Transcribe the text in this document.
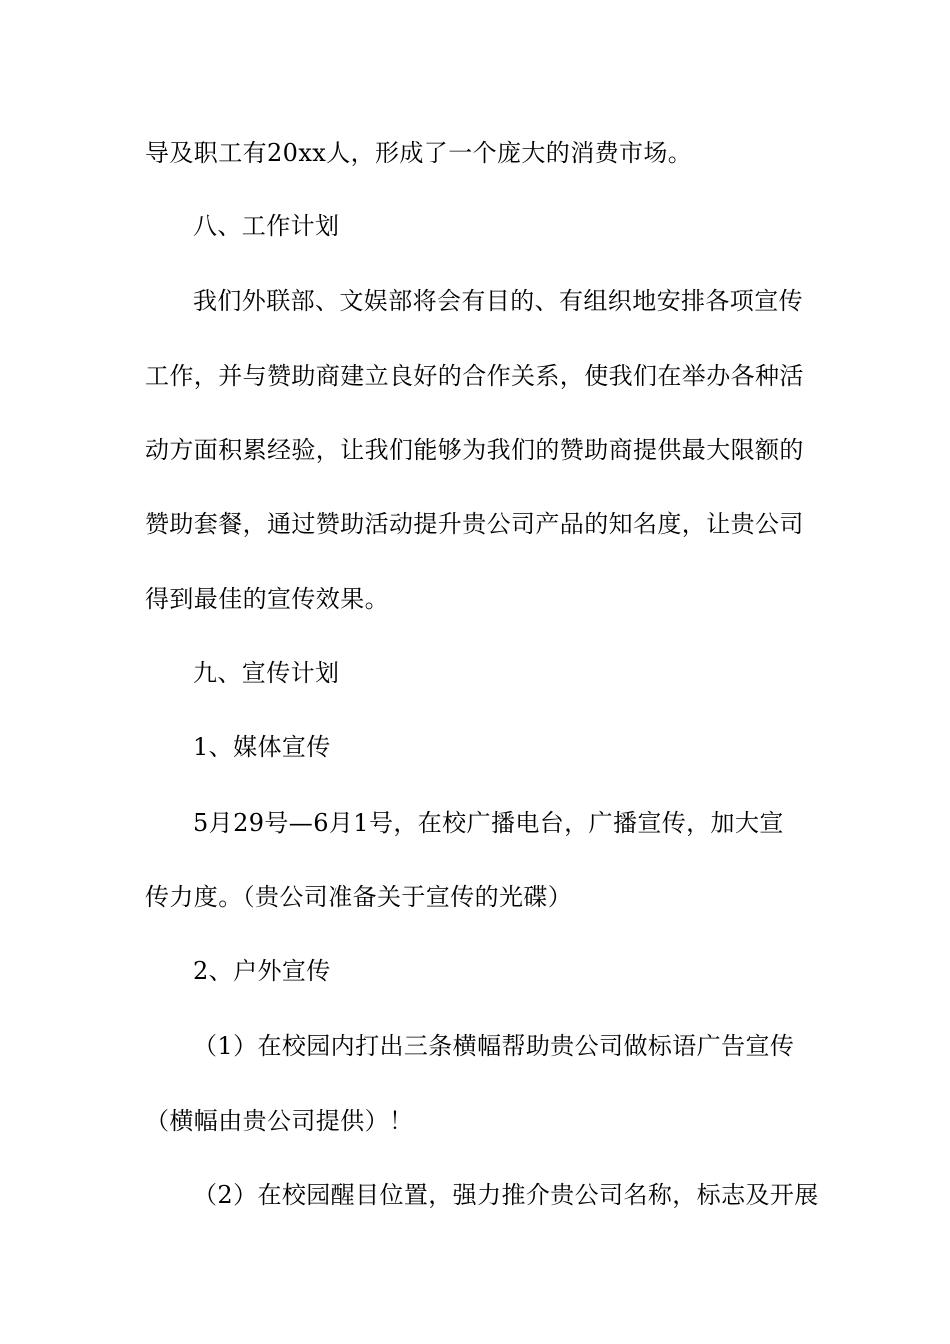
导及职工有20xx人，形成了一个庞大的消费市场。
八、工作计划
我们外联部、文娱部将会有目的、有组织地安排各项宣传
工作，并与赞助商建立良好的合作关系，使我们在举办各种活
动方面积累经验，让我们能够为我们的赞助商提供最大限额的
赞助套餐，通过赞助活动提升贵公司产品的知名度，让贵公司
得到最佳的宣传效果。
九、宣传计划
1、媒体宣传
5月29号—6月1号，在校广播电台，广播宣传，加大宣
传力度。（贵公司准备关于宣传的光碟）
2、户外宣传
（1）在校园内打出三条横幅帮助贵公司做标语广告宣传
（横幅由贵公司提供）！
（2）在校园醒目位置，强力推介贵公司名称，标志及开展
